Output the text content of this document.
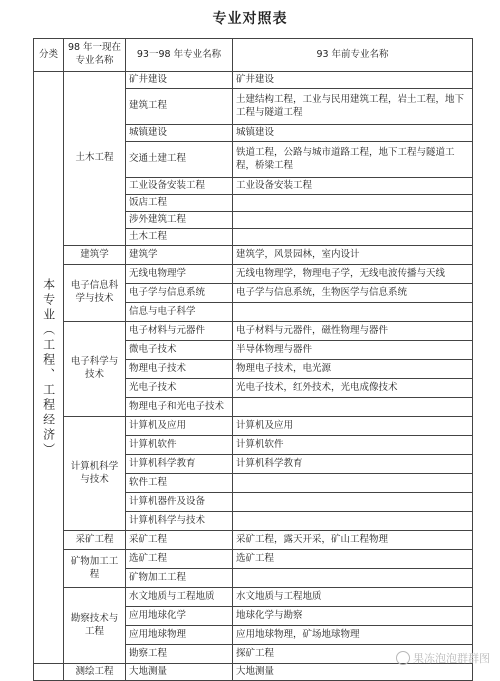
专业对照表
分类	98 年一现在专业名称	93一98 年专业名称	93 年前专业名称

本专业（工程、工程经济）	土木工程	矿井建设	矿井建设
		建筑工程	土建结构工程，工业与民用建筑工程，岩土工程，地下工程与隧道工程
		城镇建设	城镇建设
		交通土建工程	铁道工程，公路与城市道路工程，地下工程与隧道工程，桥梁工程
		工业设备安装工程	工业设备安装工程
		饭店工程	
		涉外建筑工程	
		土木工程	
	建筑学	建筑学	建筑学，风景园林，室内设计
	电子信息科学与技术	无线电物理学	无线电物理学，物理电子学，无线电波传播与天线
		电子学与信息系统	电子学与信息系统，生物医学与信息系统
		信息与电子科学	
	电子科学与技术	电子材料与元器件	电子材料与元器件，磁性物理与器件
		微电子技术	半导体物理与器件
		物理电子技术	物理电子技术，电光源
		光电子技术	光电子技术，红外技术，光电成像技术
		物理电子和光电子技术	
	计算机科学与技术	计算机及应用	计算机及应用
		计算机软件	计算机软件
		计算机科学教育	计算机科学教育
		软件工程	
		计算机器件及设备	
		计算机科学与技术	
	采矿工程	采矿工程	采矿工程，露天开采，矿山工程物理
	矿物加工工程	选矿工程	选矿工程
		矿物加工工程	
	勘察技术与工程	水文地质与工程地质	水文地质与工程地质
		应用地球化学	地球化学与勘察
		应用地球物理	应用地球物理，矿场地球物理
		勘察工程	探矿工程
	测绘工程	大地测量	大地测量
果冻泡泡群群图
